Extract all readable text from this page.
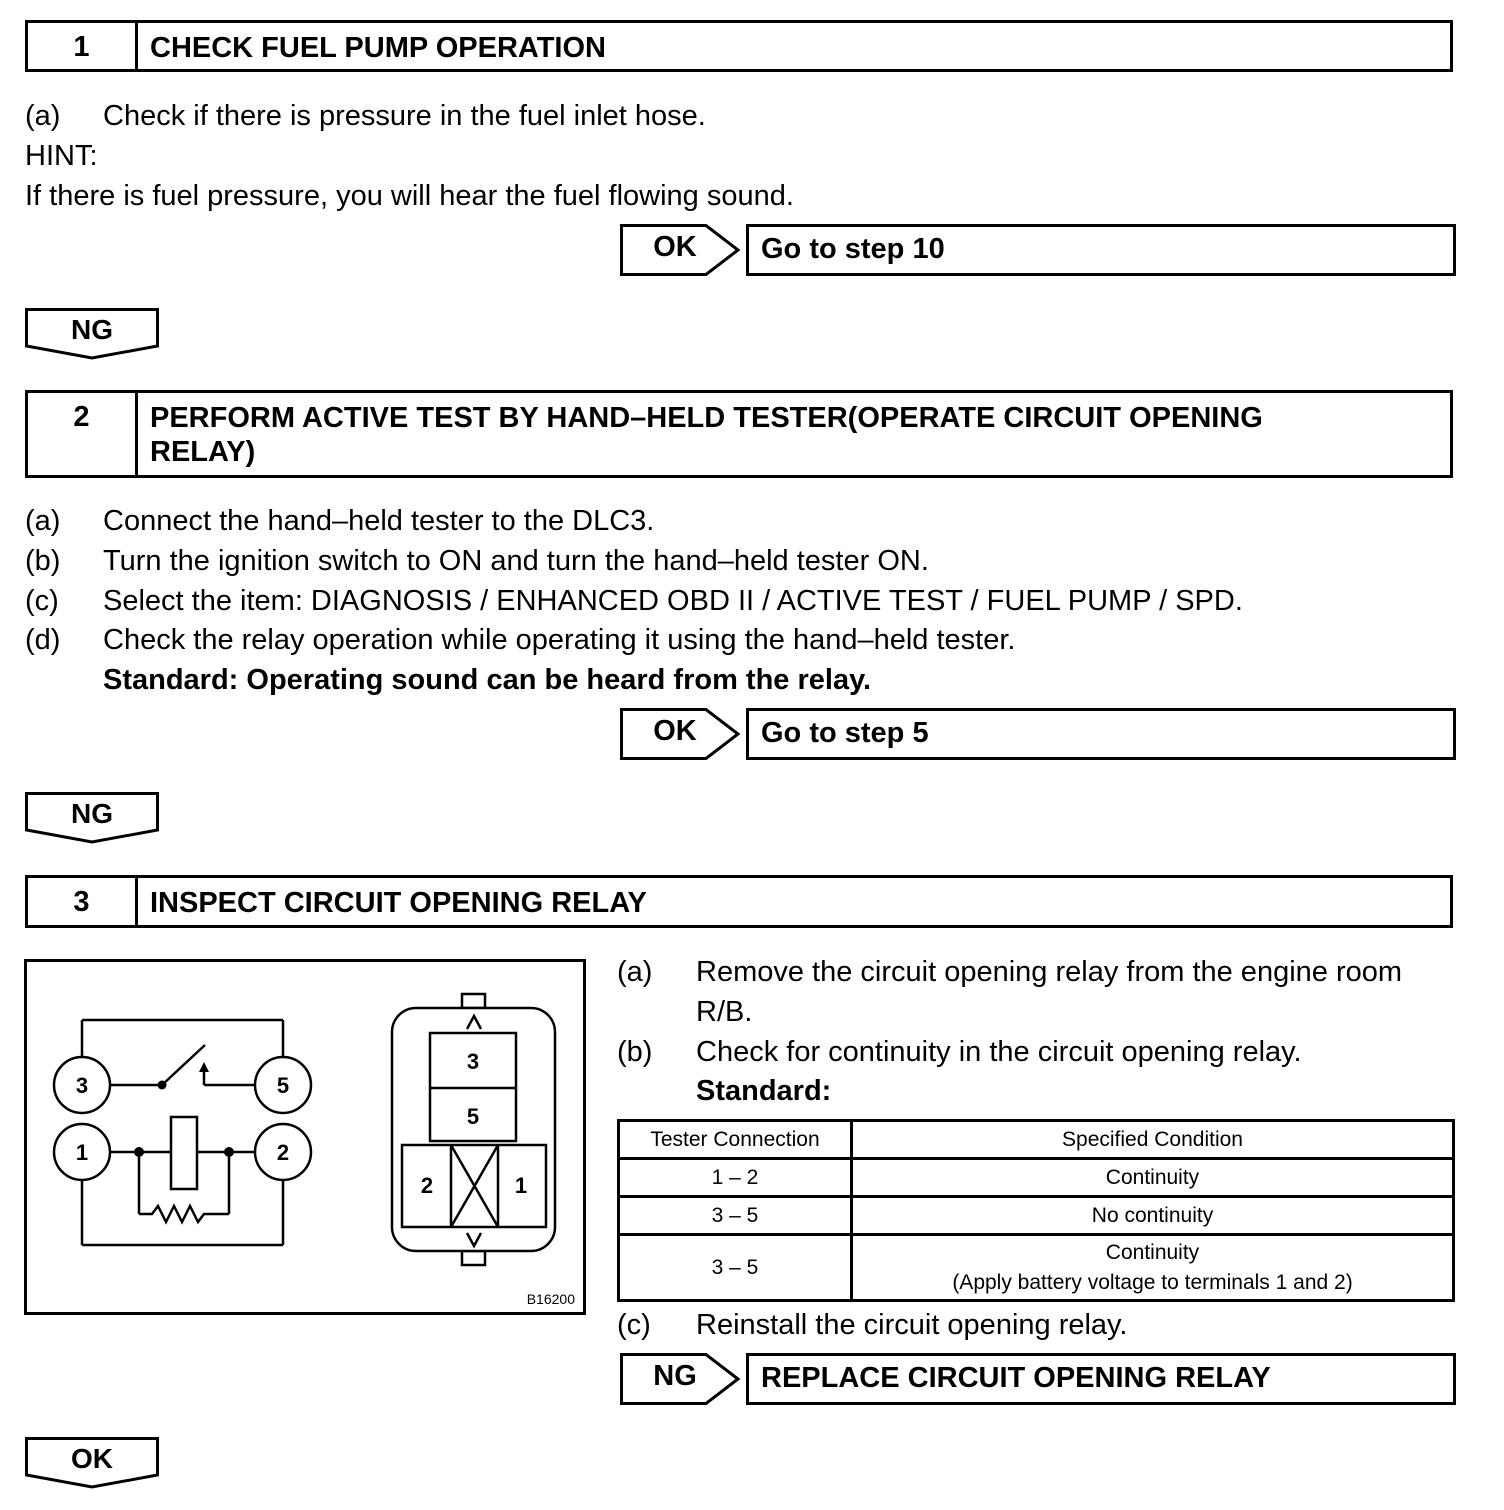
1	CHECK FUEL PUMP OPERATION
(a) Check if there is pressure in the fuel inlet hose.
HINT:
If there is fuel pressure, you will hear the fuel flowing sound.
OK	Go to step 10
NG
2	PERFORM ACTIVE TEST BY HAND–HELD TESTER(OPERATE CIRCUIT OPENING
RELAY)
(a) Connect the hand–held tester to the DLC3.
(b) Turn the ignition switch to ON and turn the hand–held tester ON.
(c) Select the item: DIAGNOSIS / ENHANCED OBD II / ACTIVE TEST / FUEL PUMP / SPD.
(d) Check the relay operation while operating it using the hand–held tester.
Standard: Operating sound can be heard from the relay.
OK	Go to step 5
NG
3	INSPECT CIRCUIT OPENING RELAY
3	5
1	2
3
5
2	1
B16200
(a) Remove the circuit opening relay from the engine room
R/B.
(b) Check for continuity in the circuit opening relay.
Standard:
Tester Connection	Specified Condition
1 – 2	Continuity
3 – 5	No continuity
3 – 5	Continuity
(Apply battery voltage to terminals 1 and 2)
(c) Reinstall the circuit opening relay.
NG	REPLACE CIRCUIT OPENING RELAY
OK
